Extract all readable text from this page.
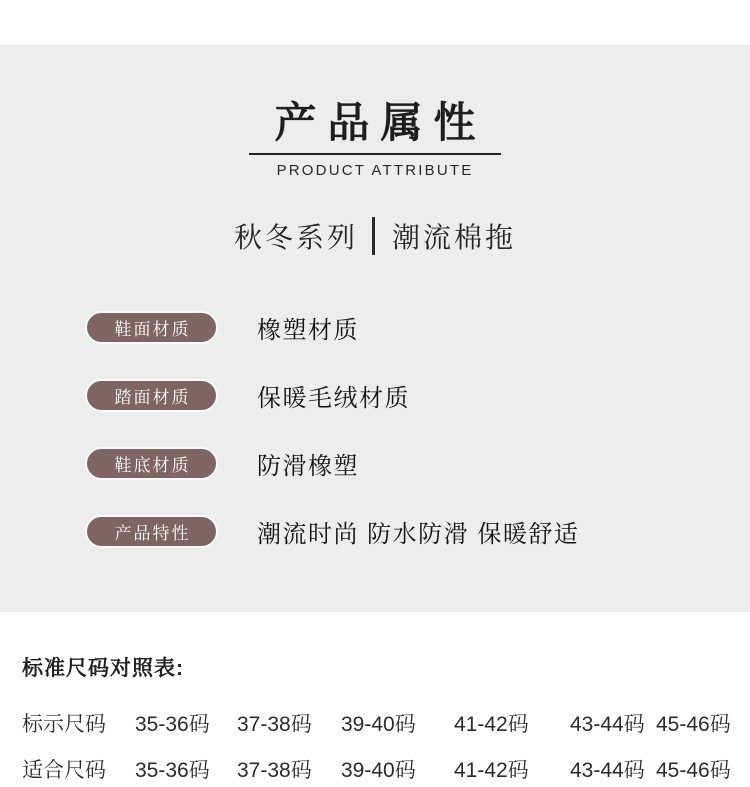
产品属性
PRODUCT ATTRIBUTE
秋冬系列 潮流棉拖
鞋面材质	橡塑材质
踏面材质	保暖毛绒材质
鞋底材质	防滑橡塑
产品特性	潮流时尚 防水防滑 保暖舒适
标准尺码对照表:
标示尺码	35-36码	37-38码	39-40码	41-42码	43-44码 45-46码
适合尺码	35-36码	37-38码	39-40码	41-42码	43-44码 45-46码
